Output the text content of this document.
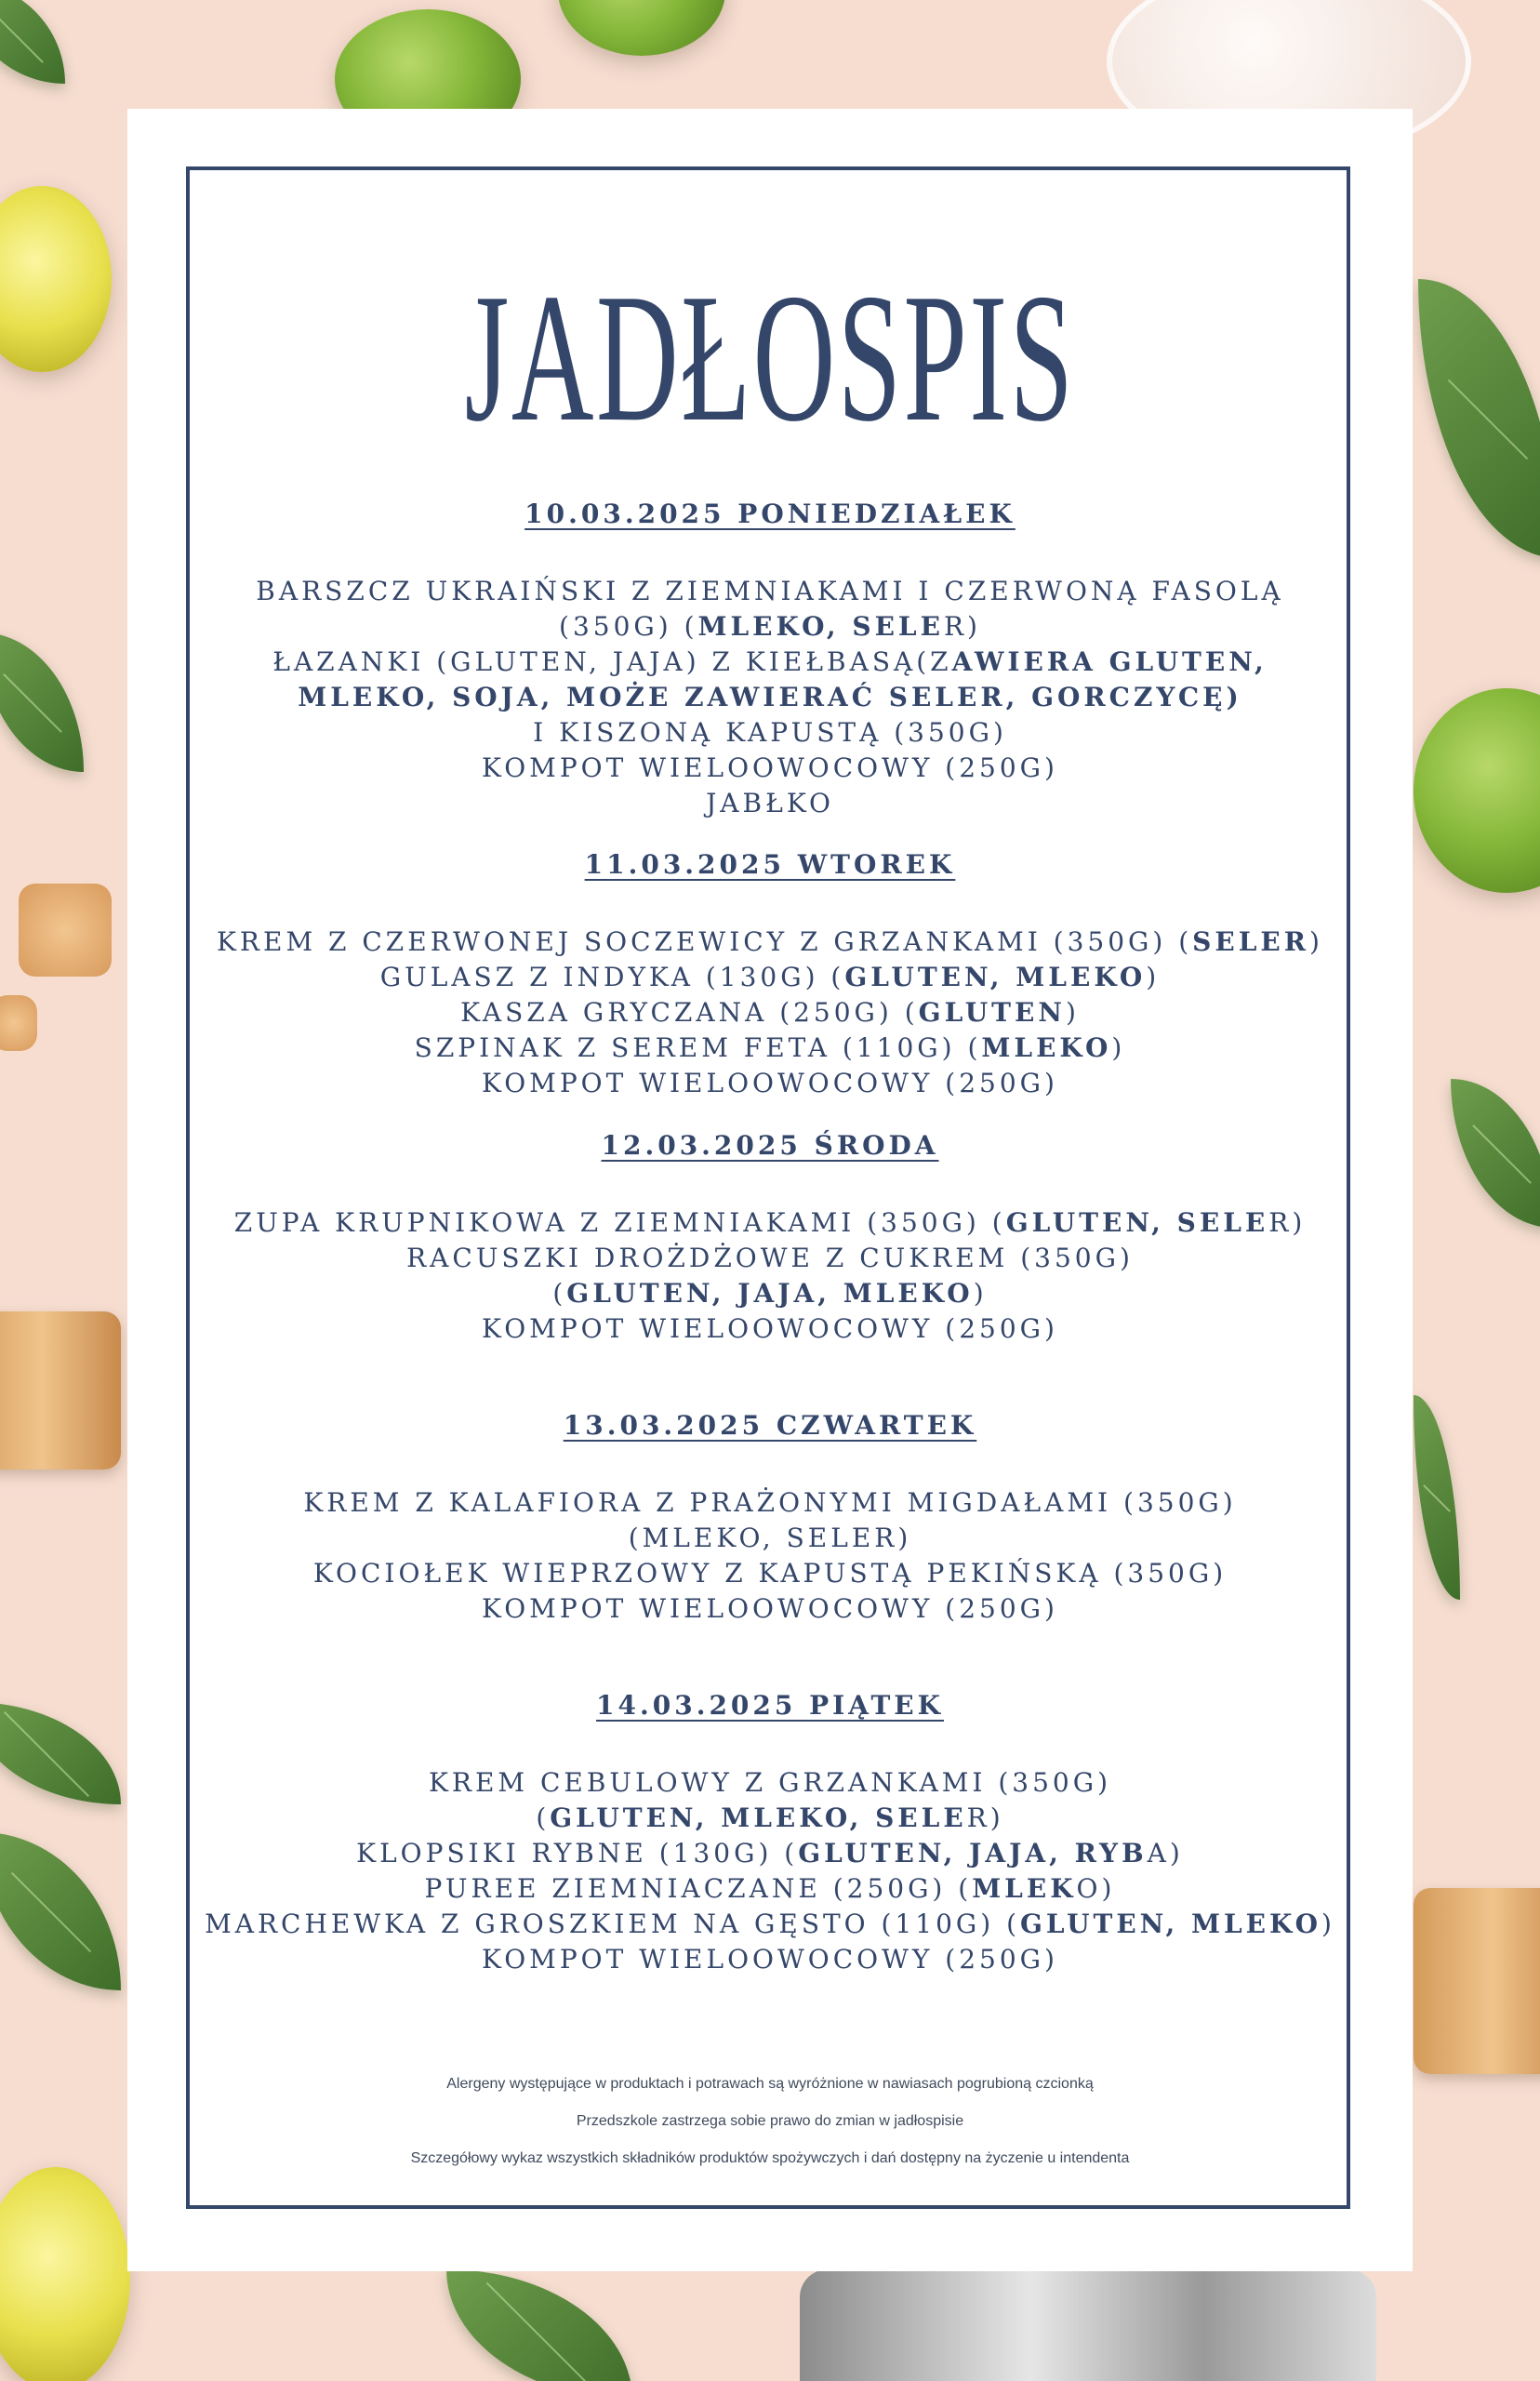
JADŁOSPIS
10.03.2025 PONIEDZIAŁEK
BARSZCZ UKRAIŃSKI Z ZIEMNIAKAMI I CZERWONĄ FASOLĄ
(350G) (MLEKO, SELER)
ŁAZANKI (GLUTEN, JAJA) Z KIEŁBASĄ(ZAWIERA GLUTEN,
MLEKO, SOJA, MOŻE ZAWIERAĆ SELER, GORCZYCĘ)
I KISZONĄ KAPUSTĄ (350G)
KOMPOT WIELOOWOCOWY (250G)
JABŁKO
11.03.2025 WTOREK
KREM Z CZERWONEJ SOCZEWICY Z GRZANKAMI (350G) (SELER)
GULASZ Z INDYKA (130G) (GLUTEN, MLEKO)
KASZA GRYCZANA (250G) (GLUTEN)
SZPINAK Z SEREM FETA (110G) (MLEKO)
KOMPOT WIELOOWOCOWY (250G)
12.03.2025 ŚRODA
ZUPA KRUPNIKOWA Z ZIEMNIAKAMI (350G) (GLUTEN, SELER)
RACUSZKI DROŻDŻOWE Z CUKREM (350G)
(GLUTEN, JAJA, MLEKO)
KOMPOT WIELOOWOCOWY (250G)
13.03.2025 CZWARTEK
KREM Z KALAFIORA Z PRAŻONYMI MIGDAŁAMI (350G)
(MLEKO, SELER)
KOCIOŁEK WIEPRZOWY Z KAPUSTĄ PEKIŃSKĄ (350G)
KOMPOT WIELOOWOCOWY (250G)
14.03.2025 PIĄTEK
KREM CEBULOWY Z GRZANKAMI (350G)
(GLUTEN, MLEKO, SELER)
KLOPSIKI RYBNE (130G) (GLUTEN, JAJA, RYBA)
PUREE ZIEMNIACZANE (250G) (MLEKO)
MARCHEWKA Z GROSZKIEM NA GĘSTO (110G) (GLUTEN, MLEKO)
KOMPOT WIELOOWOCOWY (250G)

Alergeny występujące w produktach i potrawach są wyróżnione w nawiasach pogrubioną czcionką

Przedszkole zastrzega sobie prawo do zmian w jadłospisie

Szczegółowy wykaz wszystkich składników produktów spożywczych i dań dostępny na życzenie u intendenta
